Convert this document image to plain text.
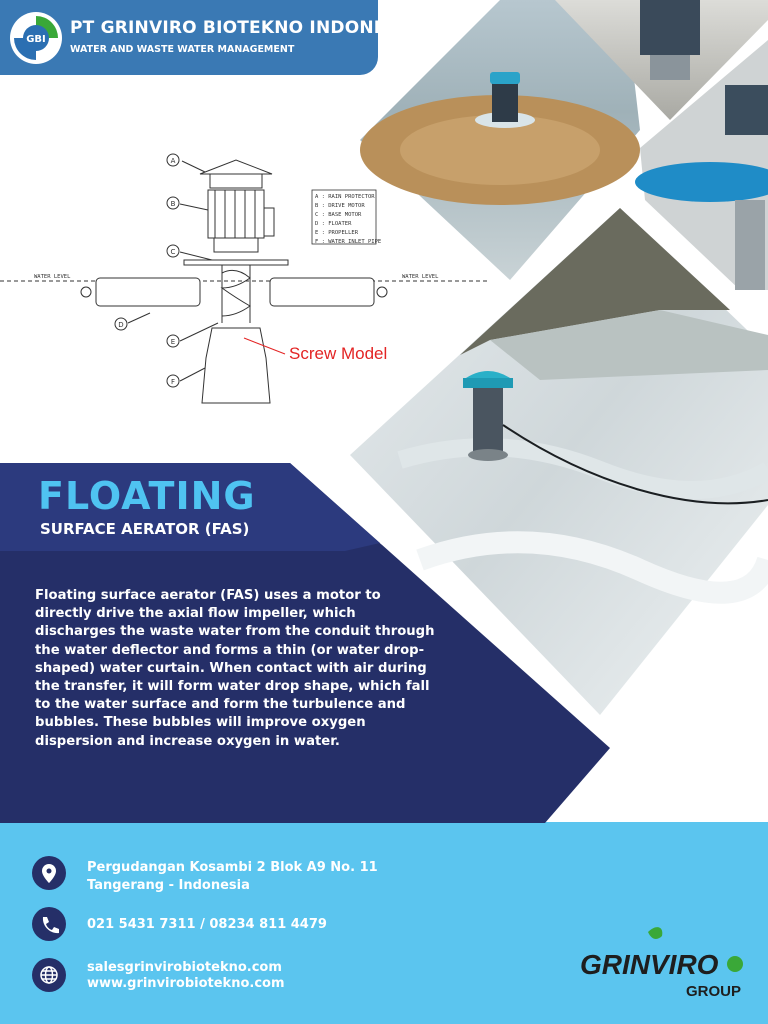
GBI
PT GRINVIRO BIOTEKNO INDONESIA
WATER AND WASTE WATER MANAGEMENT
A
B
C
D
E
F
A : RAIN PROTECTOR
B : DRIVE MOTOR
C : BASE MOTOR
D : FLOATER
E : PROPELLER
F : WATER INLET PIPE
WATER LEVEL	WATER LEVEL
Screw Model
FLOATING
SURFACE AERATOR (FAS)
Floating surface aerator (FAS) uses a motor to directly drive the axial flow impeller, which discharges the waste water from the conduit through the water deflector and forms a thin (or water drop-shaped) water curtain. When contact with air during the transfer, it will form water drop shape, which fall to the water surface and form the turbulence and bubbles. These bubbles will improve oxygen dispersion and increase oxygen in water.
Pergudangan Kosambi 2 Blok A9 No. 11
Tangerang - Indonesia
021 5431 7311 / 08234 811 4479
salesgrinvirobiotekno.com
www.grinvirobiotekno.com
GRINVIRO
GROUP
